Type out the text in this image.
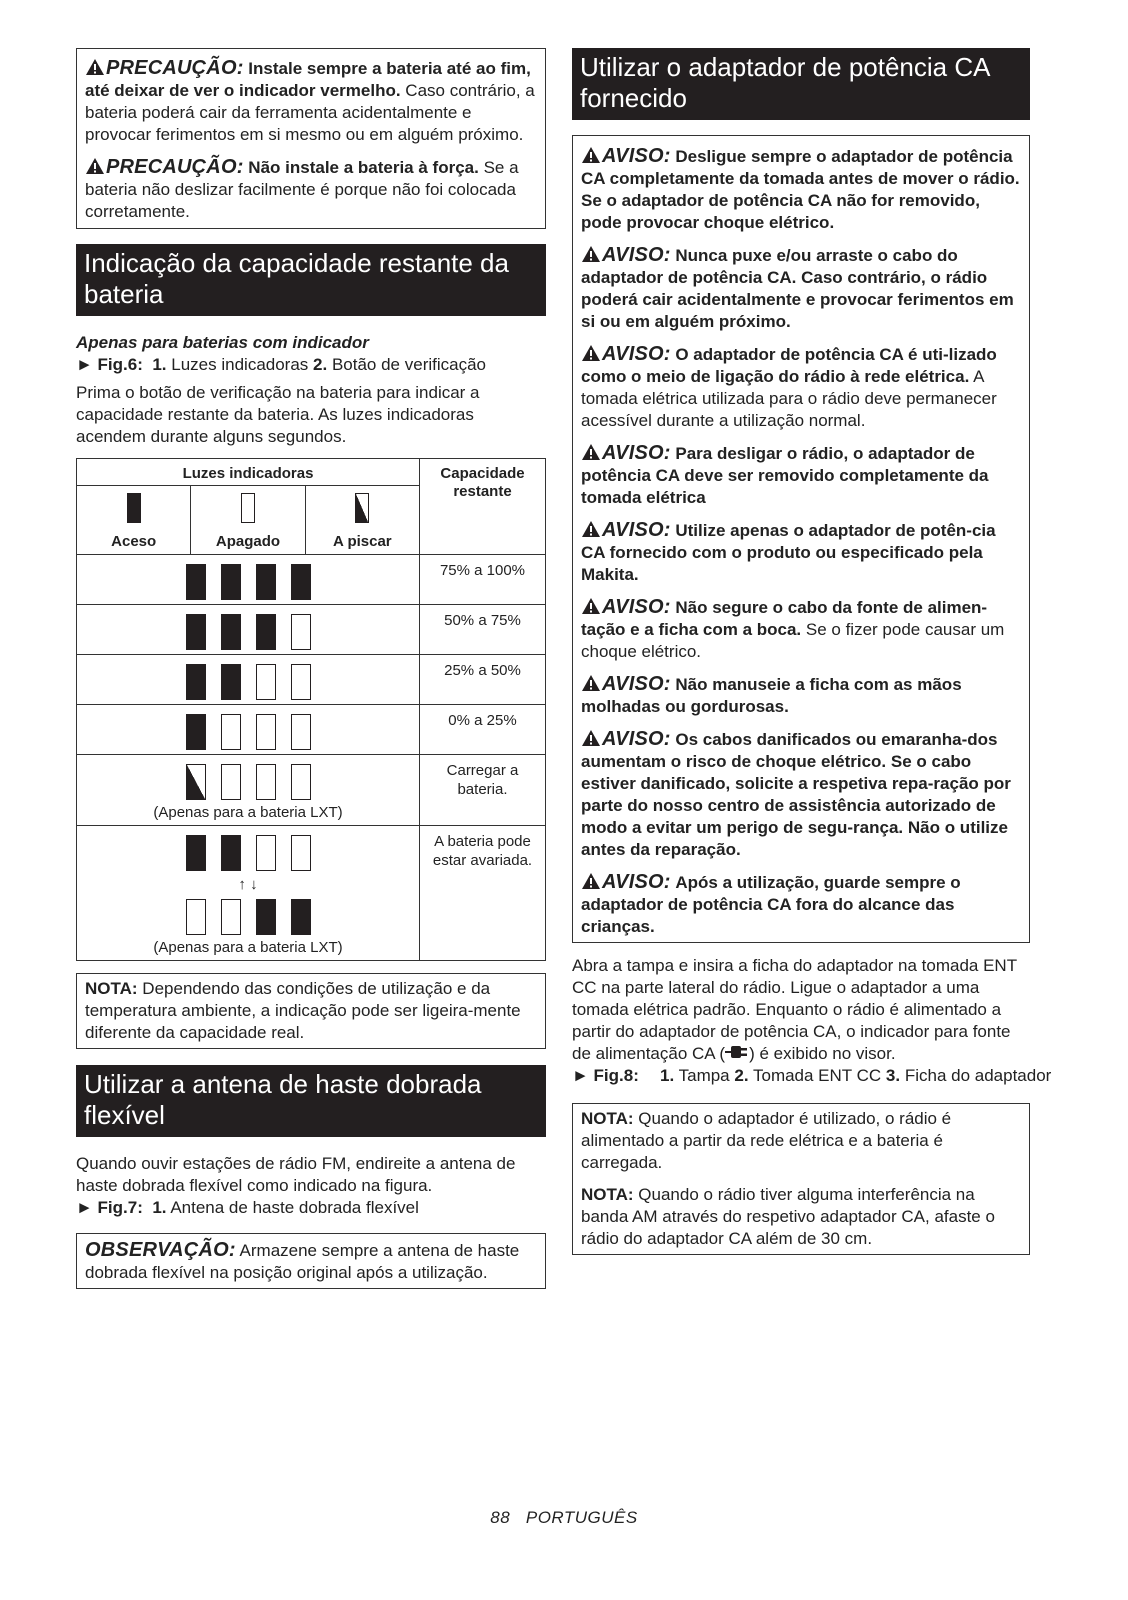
PRECAUÇÃO: Instale sempre a bateria até ao fim, até deixar de ver o indicador vermelho. Caso contrário, a bateria poderá cair da ferramenta acidentalmente e provocar ferimentos em si mesmo ou em alguém próximo.

PRECAUÇÃO: Não instale a bateria à força. Se a bateria não deslizar facilmente é porque não foi colocada corretamente.

Indicação da capacidade restante da bateria

Apenas para baterias com indicador

► Fig.6: 1. Luzes indicadoras 2. Botão de verificação

Prima o botão de verificação na bateria para indicar a capacidade restante da bateria. As luzes indicadoras acendem durante alguns segundos.

Luzes indicadoras
Aceso Apagado A piscar	Capacidade restante

	75% a 100%

	50% a 75%

	25% a 50%

	0% a 25%

(Apenas para a bateria LXT)	Carregar a bateria.

↑ ↓
(Apenas para a bateria LXT)	A bateria pode estar avariada.

NOTA: Dependendo das condições de utilização e da temperatura ambiente, a indicação pode ser ligeira-mente diferente da capacidade real.

Utilizar a antena de haste dobrada flexível

Quando ouvir estações de rádio FM, endireite a antena de haste dobrada flexível como indicado na figura.

► Fig.7: 1. Antena de haste dobrada flexível

OBSERVAÇÃO: Armazene sempre a antena de haste dobrada flexível na posição original após a utilização.

Utilizar o adaptador de potência CA fornecido

AVISO: Desligue sempre o adaptador de potência CA completamente da tomada antes de mover o rádio. Se o adaptador de potência CA não for removido, pode provocar choque elétrico.

AVISO: Nunca puxe e/ou arraste o cabo do adaptador de potência CA. Caso contrário, o rádio poderá cair acidentalmente e provocar ferimentos em si ou em alguém próximo.

AVISO: O adaptador de potência CA é uti-lizado como o meio de ligação do rádio à rede elétrica. A tomada elétrica utilizada para o rádio deve permanecer acessível durante a utilização normal.

AVISO: Para desligar o rádio, o adaptador de potência CA deve ser removido completamente da tomada elétrica

AVISO: Utilize apenas o adaptador de potên-cia CA fornecido com o produto ou especificado pela Makita.

AVISO: Não segure o cabo da fonte de alimen-tação e a ficha com a boca. Se o fizer pode causar um choque elétrico.

AVISO: Não manuseie a ficha com as mãos molhadas ou gordurosas.

AVISO: Os cabos danificados ou emaranha-dos aumentam o risco de choque elétrico. Se o cabo estiver danificado, solicite a respetiva repa-ração por parte do nosso centro de assistência autorizado de modo a evitar um perigo de segu-rança. Não o utilize antes da reparação.

AVISO: Após a utilização, guarde sempre o adaptador de potência CA fora do alcance das crianças.

Abra a tampa e insira a ficha do adaptador na tomada ENT CC na parte lateral do rádio. Ligue o adaptador a uma tomada elétrica padrão. Enquanto o rádio é alimentado a partir do adaptador de potência CA, o indicador para fonte de alimentação CA ( ) é exibido no visor.

► Fig.8:	1. Tampa 2. Tomada ENT CC 3. Ficha do adaptador

NOTA: Quando o adaptador é utilizado, o rádio é alimentado a partir da rede elétrica e a bateria é carregada.

NOTA: Quando o rádio tiver alguma interferência na banda AM através do respetivo adaptador CA, afaste o rádio do adaptador CA além de 30 cm.

88 PORTUGUÊS
